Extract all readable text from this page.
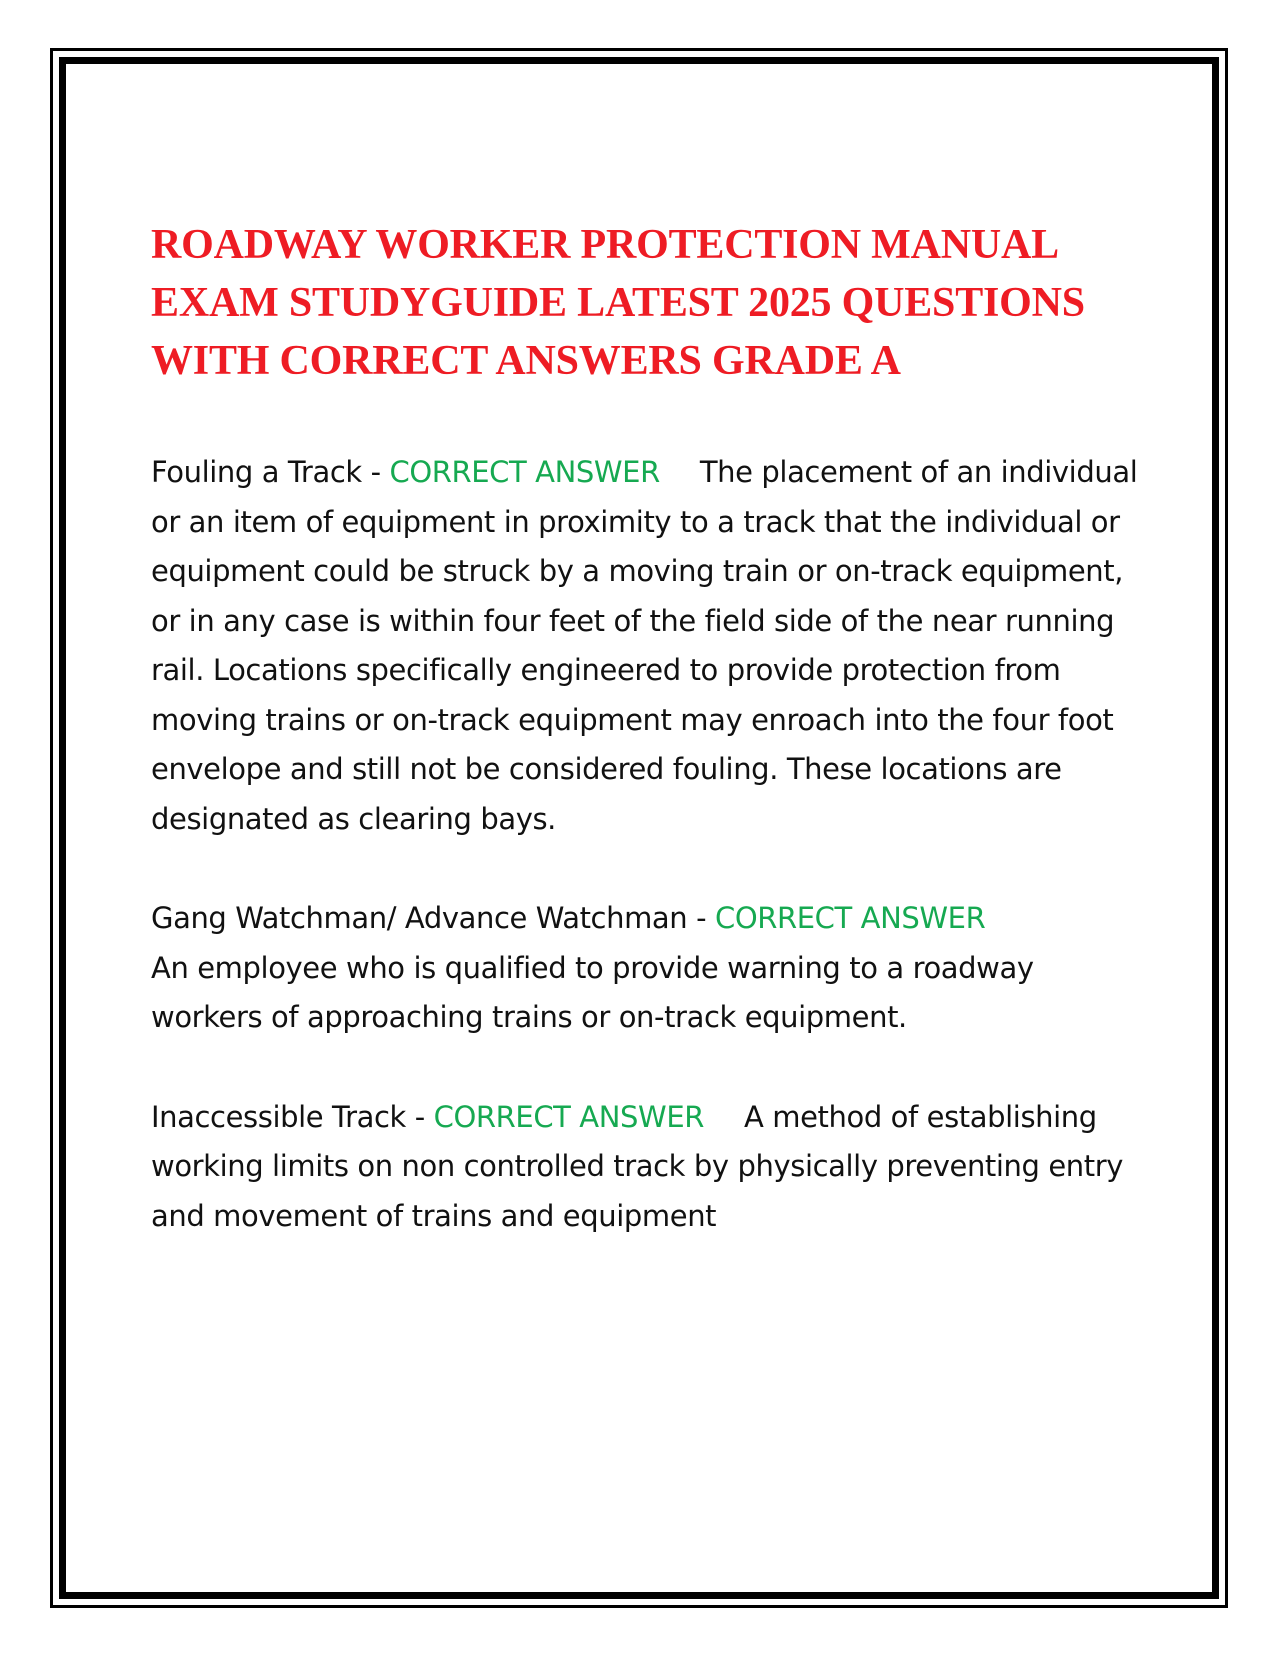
ROADWAY WORKER PROTECTION MANUAL EXAM STUDYGUIDE LATEST 2025 QUESTIONS WITH CORRECT ANSWERS GRADE A

Fouling a Track - CORRECT ANSWER The placement of an individual or an item of equipment in proximity to a track that the individual or equipment could be struck by a moving train or on-track equipment, or in any case is within four feet of the field side of the near running rail. Locations specifically engineered to provide protection from moving trains or on-track equipment may enroach into the four foot envelope and still not be considered fouling. These locations are designated as clearing bays.

Gang Watchman/ Advance Watchman - CORRECT ANSWER
An employee who is qualified to provide warning to a roadway workers of approaching trains or on-track equipment.

Inaccessible Track - CORRECT ANSWER A method of establishing working limits on non controlled track by physically preventing entry and movement of trains and equipment
